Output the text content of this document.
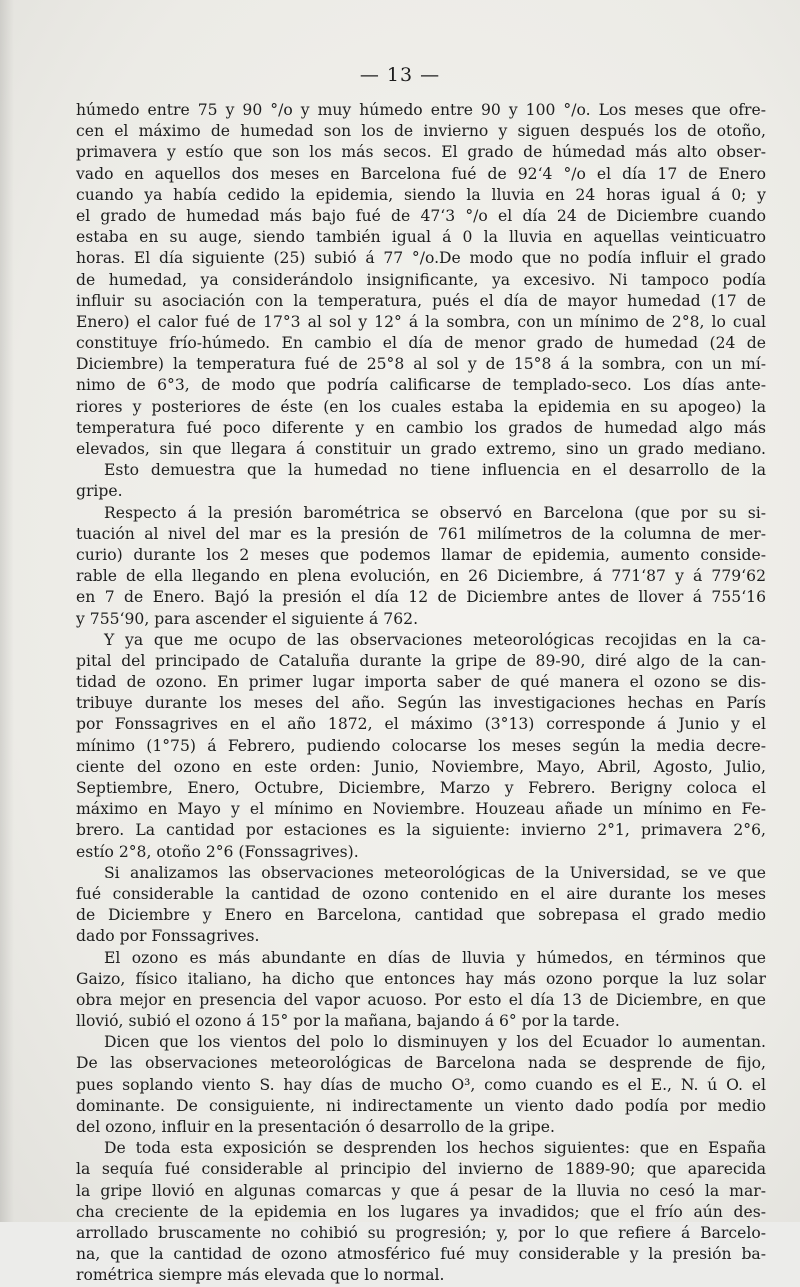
— 13 —
húmedo entre 75 y 90 °/o y muy húmedo entre 90 y 100 °/o. Los meses que ofre-
cen el máximo de humedad son los de invierno y siguen después los de otoño,
primavera y estío que son los más secos. El grado de húmedad más alto obser-
vado en aquellos dos meses en Barcelona fué de 92‘4 °/o el día 17 de Enero
cuando ya había cedido la epidemia, siendo la lluvia en 24 horas igual á 0; y
el grado de humedad más bajo fué de 47‘3 °/o el día 24 de Diciembre cuando
estaba en su auge, siendo también igual á 0 la lluvia en aquellas veinticuatro
horas. El día siguiente (25) subió á 77 °/o.De modo que no podía influir el grado
de humedad, ya considerándolo insignificante, ya excesivo. Ni tampoco podía
influir su asociación con la temperatura, pués el día de mayor humedad (17 de
Enero) el calor fué de 17°3 al sol y 12° á la sombra, con un mínimo de 2°8, lo cual
constituye frío-húmedo. En cambio el día de menor grado de humedad (24 de
Diciembre) la temperatura fué de 25°8 al sol y de 15°8 á la sombra, con un mí-
nimo de 6°3, de modo que podría calificarse de templado-seco. Los días ante-
riores y posteriores de éste (en los cuales estaba la epidemia en su apogeo) la
temperatura fué poco diferente y en cambio los grados de humedad algo más
elevados, sin que llegara á constituir un grado extremo, sino un grado mediano.
Esto demuestra que la humedad no tiene influencia en el desarrollo de la
gripe.
Respecto á la presión barométrica se observó en Barcelona (que por su si-
tuación al nivel del mar es la presión de 761 milímetros de la columna de mer-
curio) durante los 2 meses que podemos llamar de epidemia, aumento conside-
rable de ella llegando en plena evolución, en 26 Diciembre, á 771‘87 y á 779‘62
en 7 de Enero. Bajó la presión el día 12 de Diciembre antes de llover á 755‘16
y 755‘90, para ascender el siguiente á 762.
Y ya que me ocupo de las observaciones meteorológicas recojidas en la ca-
pital del principado de Cataluña durante la gripe de 89-90, diré algo de la can-
tidad de ozono. En primer lugar importa saber de qué manera el ozono se dis-
tribuye durante los meses del año. Según las investigaciones hechas en París
por Fonssagrives en el año 1872, el máximo (3°13) corresponde á Junio y el
mínimo (1°75) á Febrero, pudiendo colocarse los meses según la media decre-
ciente del ozono en este orden: Junio, Noviembre, Mayo, Abril, Agosto, Julio,
Septiembre, Enero, Octubre, Diciembre, Marzo y Febrero. Berigny coloca el
máximo en Mayo y el mínimo en Noviembre. Houzeau añade un mínimo en Fe-
brero. La cantidad por estaciones es la siguiente: invierno 2°1, primavera 2°6,
estío 2°8, otoño 2°6 (Fonssagrives).
Si analizamos las observaciones meteorológicas de la Universidad, se ve que
fué considerable la cantidad de ozono contenido en el aire durante los meses
de Diciembre y Enero en Barcelona, cantidad que sobrepasa el grado medio
dado por Fonssagrives.
El ozono es más abundante en días de lluvia y húmedos, en términos que
Gaizo, físico italiano, ha dicho que entonces hay más ozono porque la luz solar
obra mejor en presencia del vapor acuoso. Por esto el día 13 de Diciembre, en que
llovió, subió el ozono á 15° por la mañana, bajando á 6° por la tarde.
Dicen que los vientos del polo lo disminuyen y los del Ecuador lo aumentan.
De las observaciones meteorológicas de Barcelona nada se desprende de fijo,
pues soplando viento S. hay días de mucho O³, como cuando es el E., N. ú O. el
dominante. De consiguiente, ni indirectamente un viento dado podía por medio
del ozono, influir en la presentación ó desarrollo de la gripe.
De toda esta exposición se desprenden los hechos siguientes: que en España
la sequía fué considerable al principio del invierno de 1889-90; que aparecida
la gripe llovió en algunas comarcas y que á pesar de la lluvia no cesó la mar-
cha creciente de la epidemia en los lugares ya invadidos; que el frío aún des-
arrollado bruscamente no cohibió su progresión; y, por lo que refiere á Barcelo-
na, que la cantidad de ozono atmosférico fué muy considerable y la presión ba-
rométrica siempre más elevada que lo normal.
